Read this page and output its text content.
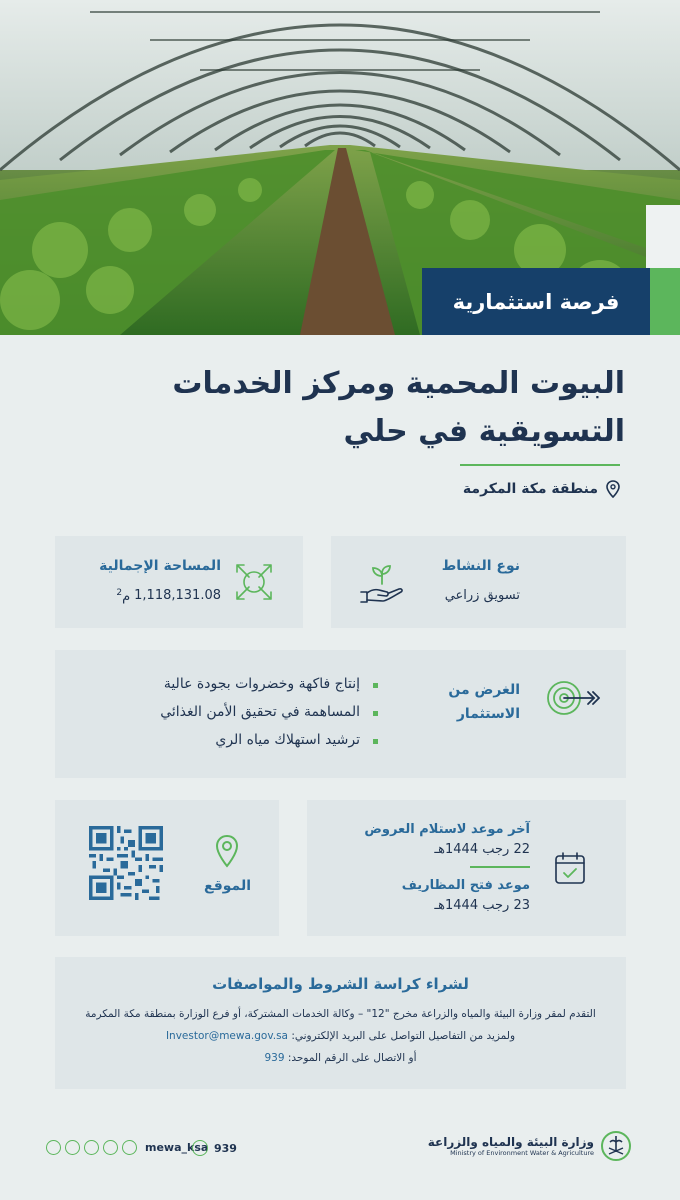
فرصة استثمارية
البيوت المحمية ومركز الخدمات
التسويقية في حلي
منطقة مكة المكرمة
نوع النشاط
تسويق زراعي
المساحة الإجمالية
1,118,131.08
م$^2$
الغرض من
الاستثمار
إنتاج فاكهة وخضروات بجودة عالية
المساهمة في تحقيق الأمن الغذائي
ترشيد استهلاك مياه الري
آخر موعد لاستلام العروض
22 رجب 1444هـ
موعد فتح المظاريف
23 رجب 1444هـ
الموقع
لشراء كراسة الشروط والمواصفات
التقدم لمقر وزارة البيئة والمياه والزراعة مخرج "12" – وكالة الخدمات المشتركة، أو فرع الوزارة بمنطقة مكة المكرمة
ولمزيد من التفاصيل التواصل على البريد الإلكتروني: Investor@mewa.gov.sa
أو الاتصال على الرقم الموحد: 939
mewa_ksa 939	وزارة البيئة والمياه والزراعة
Ministry of Environment Water & Agriculture
